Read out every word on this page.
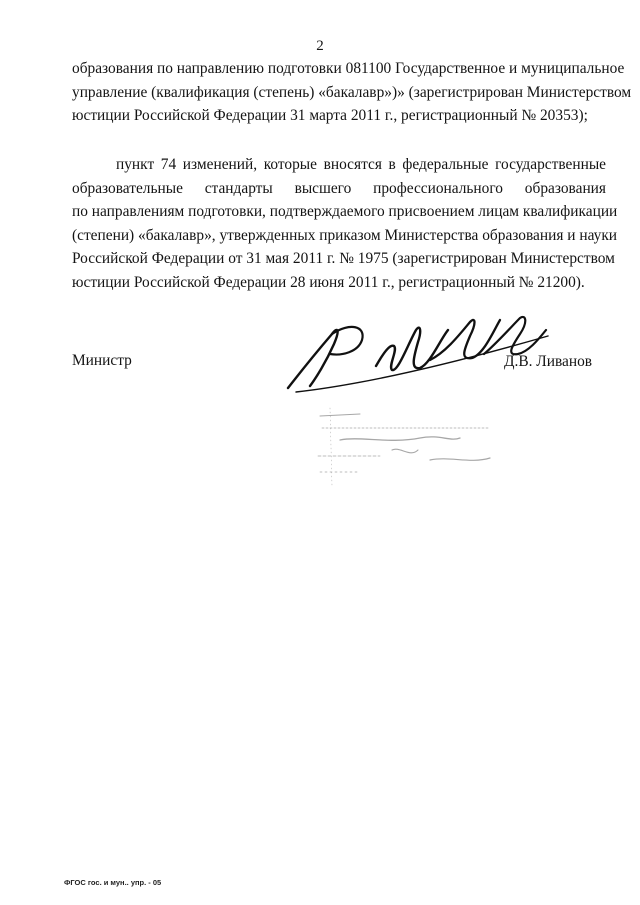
2
образования по направлению подготовки 081100 Государственное и муниципальное
управление (квалификация (степень) «бакалавр»)» (зарегистрирован Министерством
юстиции Российской Федерации 31 марта 2011 г., регистрационный № 20353);
пункт 74 изменений, которые вносятся в федеральные государственные
образовательные стандарты высшего профессионального образования
по направлениям подготовки, подтверждаемого присвоением лицам квалификации
(степени) «бакалавр», утвержденных приказом Министерства образования и науки
Российской Федерации от 31 мая 2011 г. № 1975 (зарегистрирован Министерством
юстиции Российской Федерации 28 июня 2011 г., регистрационный № 21200).
Министр	Д.В. Ливанов
ФГОС гос. и мун.. упр. - 05
